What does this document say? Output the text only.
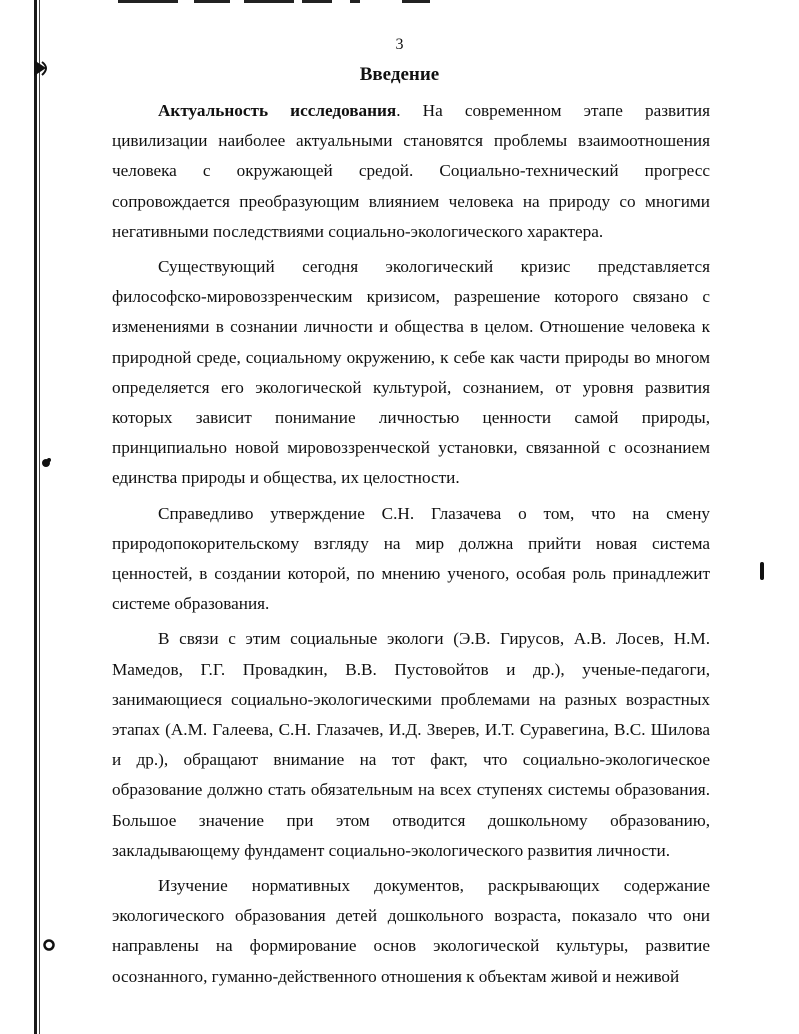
3
Введение

Актуальность исследования. На современном этапе развития цивилизации наиболее актуальными становятся проблемы взаимоотношения человека с окружающей средой. Социально-технический прогресс сопровождается преобразующим влиянием человека на природу со многими негативными последствиями социально-экологического характера.

Существующий сегодня экологический кризис представляется философско-мировоззренческим кризисом, разрешение которого связано с изменениями в сознании личности и общества в целом. Отношение человека к природной среде, социальному окружению, к себе как части природы во многом определяется его экологической культурой, сознанием, от уровня развития которых зависит понимание личностью ценности самой природы, принципиально новой мировоззренческой установки, связанной с осознанием единства природы и общества, их целостности.

Справедливо утверждение С.Н. Глазачева о том, что на смену природопокорительскому взгляду на мир должна прийти новая система ценностей, в создании которой, по мнению ученого, особая роль принадлежит системе образования.

В связи с этим социальные экологи (Э.В. Гирусов, А.В. Лосев, Н.М. Мамедов, Г.Г. Провадкин, В.В. Пустовойтов и др.), ученые-педагоги, занимающиеся социально-экологическими проблемами на разных возрастных этапах (А.М. Галеева, С.Н. Глазачев, И.Д. Зверев, И.Т. Суравегина, В.С. Шилова и др.), обращают внимание на тот факт, что социально-экологическое образование должно стать обязательным на всех ступенях системы образования. Большое значение при этом отводится дошкольному образованию, закладывающему фундамент социально-экологического развития личности.

Изучение нормативных документов, раскрывающих содержание экологического образования детей дошкольного возраста, показало что они направлены на формирование основ экологической культуры, развитие осознанного, гуманно-действенного отношения к объектам живой и неживой
